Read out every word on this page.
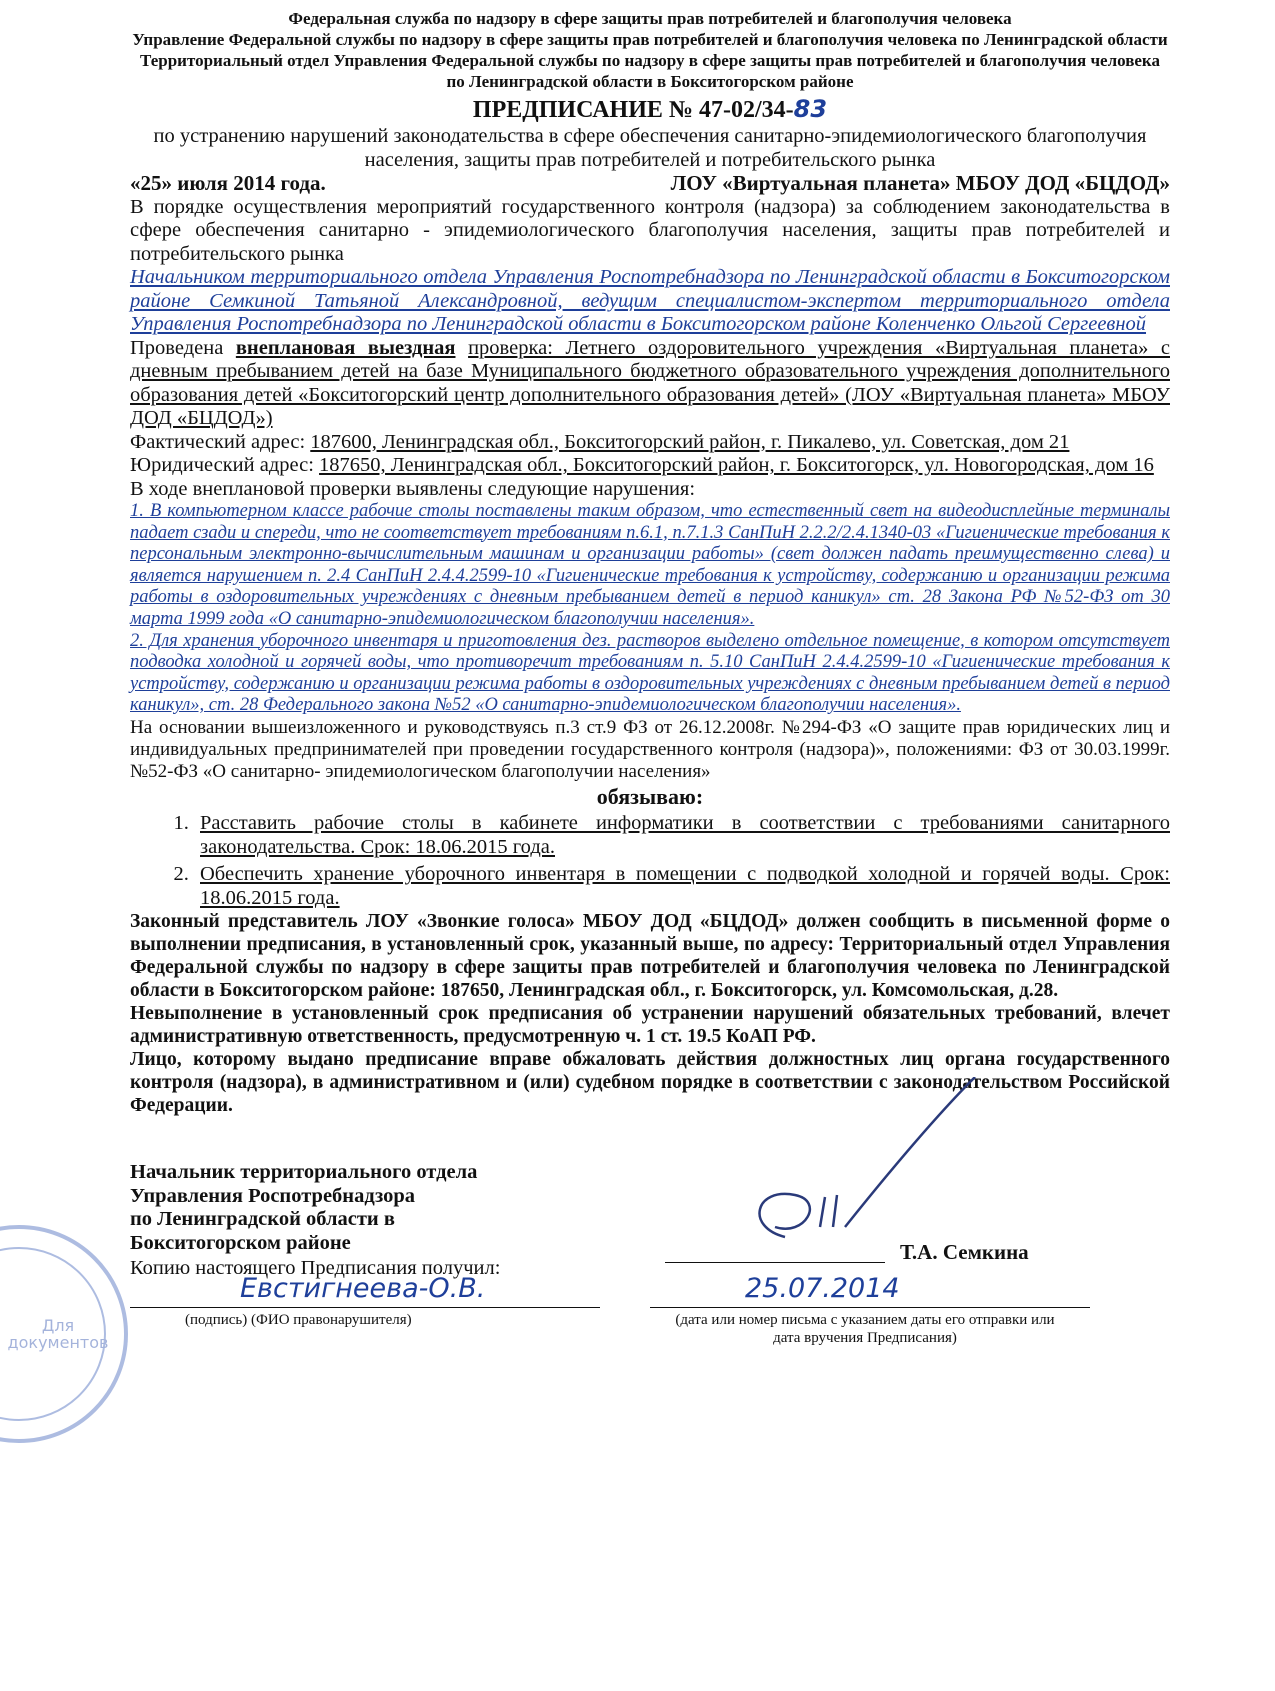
Федеральная служба по надзору в сфере защиты прав потребителей и благополучия человека
Управление Федеральной службы по надзору в сфере защиты прав потребителей и благополучия человека по Ленинградской области
Территориальный отдел Управления Федеральной службы по надзору в сфере защиты прав потребителей и благополучия человека по Ленинградской области в Бокситогорском районе
ПРЕДПИСАНИЕ № 47-02/34-83
по устранению нарушений законодательства в сфере обеспечения санитарно-эпидемиологического благополучия населения, защиты прав потребителей и потребительского рынка
«25» июля 2014 года.	ЛОУ «Виртуальная планета» МБОУ ДОД «БЦДОД»
В порядке осуществления мероприятий государственного контроля (надзора) за соблюдением законодательства в сфере обеспечения санитарно - эпидемиологического благополучия населения, защиты прав потребителей и потребительского рынка
Начальником территориального отдела Управления Роспотребнадзора по Ленинградской области в Бокситогорском районе Семкиной Татьяной Александровной, ведущим специалистом-экспертом территориального отдела Управления Роспотребнадзора по Ленинградской области в Бокситогорском районе Коленченко Ольгой Сергеевной
Проведена внеплановая выездная проверка: Летнего оздоровительного учреждения «Виртуальная планета» с дневным пребыванием детей на базе Муниципального бюджетного образовательного учреждения дополнительного образования детей «Бокситогорский центр дополнительного образования детей» (ЛОУ «Виртуальная планета» МБОУ ДОД «БЦДОД»)
Фактический адрес: 187600, Ленинградская обл., Бокситогорский район, г. Пикалево, ул. Советская, дом 21
Юридический адрес: 187650, Ленинградская обл., Бокситогорский район, г. Бокситогорск, ул. Новогородская, дом 16
В ходе внеплановой проверки выявлены следующие нарушения:
1. В компьютерном классе рабочие столы поставлены таким образом, что естественный свет на видеодисплейные терминалы падает сзади и спереди, что не соответствует требованиям п.6.1, п.7.1.3 СанПиН 2.2.2/2.4.1340-03 «Гигиенические требования к персональным электронно-вычислительным машинам и организации работы» (свет должен падать преимущественно слева) и является нарушением п. 2.4 СанПиН 2.4.4.2599-10 «Гигиенические требования к устройству, содержанию и организации режима работы в оздоровительных учреждениях с дневным пребыванием детей в период каникул» ст. 28 Закона РФ №52-ФЗ от 30 марта 1999 года «О санитарно-эпидемиологическом благополучии населения».
2. Для хранения уборочного инвентаря и приготовления дез. растворов выделено отдельное помещение, в котором отсутствует подводка холодной и горячей воды, что противоречит требованиям п. 5.10 СанПиН 2.4.4.2599-10 «Гигиенические требования к устройству, содержанию и организации режима работы в оздоровительных учреждениях с дневным пребыванием детей в период каникул», ст. 28 Федерального закона №52 «О санитарно-эпидемиологическом благополучии населения».
На основании вышеизложенного и руководствуясь п.3 ст.9 ФЗ от 26.12.2008г. №294-ФЗ «О защите прав юридических лиц и индивидуальных предпринимателей при проведении государственного контроля (надзора)», положениями: ФЗ от 30.03.1999г. №52-ФЗ «О санитарно- эпидемиологическом благополучии населения»
обязываю:
1. Расставить рабочие столы в кабинете информатики в соответствии с требованиями санитарного законодательства. Срок: 18.06.2015 года.
2. Обеспечить хранение уборочного инвентаря в помещении с подводкой холодной и горячей воды. Срок: 18.06.2015 года.
Законный представитель ЛОУ «Звонкие голоса» МБОУ ДОД «БЦДОД» должен сообщить в письменной форме о выполнении предписания, в установленный срок, указанный выше, по адресу: Территориальный отдел Управления Федеральной службы по надзору в сфере защиты прав потребителей и благополучия человека по Ленинградской области в Бокситогорском районе: 187650, Ленинградская обл., г. Бокситогорск, ул. Комсомольская, д.28.
Невыполнение в установленный срок предписания об устранении нарушений обязательных требований, влечет административную ответственность, предусмотренную ч. 1 ст. 19.5 КоАП РФ.
Лицо, которому выдано предписание вправе обжаловать действия должностных лиц органа государственного контроля (надзора), в административном и (или) судебном порядке в соответствии с законодательством Российской Федерации.
Начальник территориального отдела
Управления Роспотребнадзора
по Ленинградской области в
Бокситогорском районе	Т.А. Семкина
Копию настоящего Предписания получил:
Евстигнеева-О.В.	25.07.2014
(подпись) (ФИО правонарушителя)	(дата или номер письма с указанием даты его отправки или дата вручения Предписания)
Для документов
